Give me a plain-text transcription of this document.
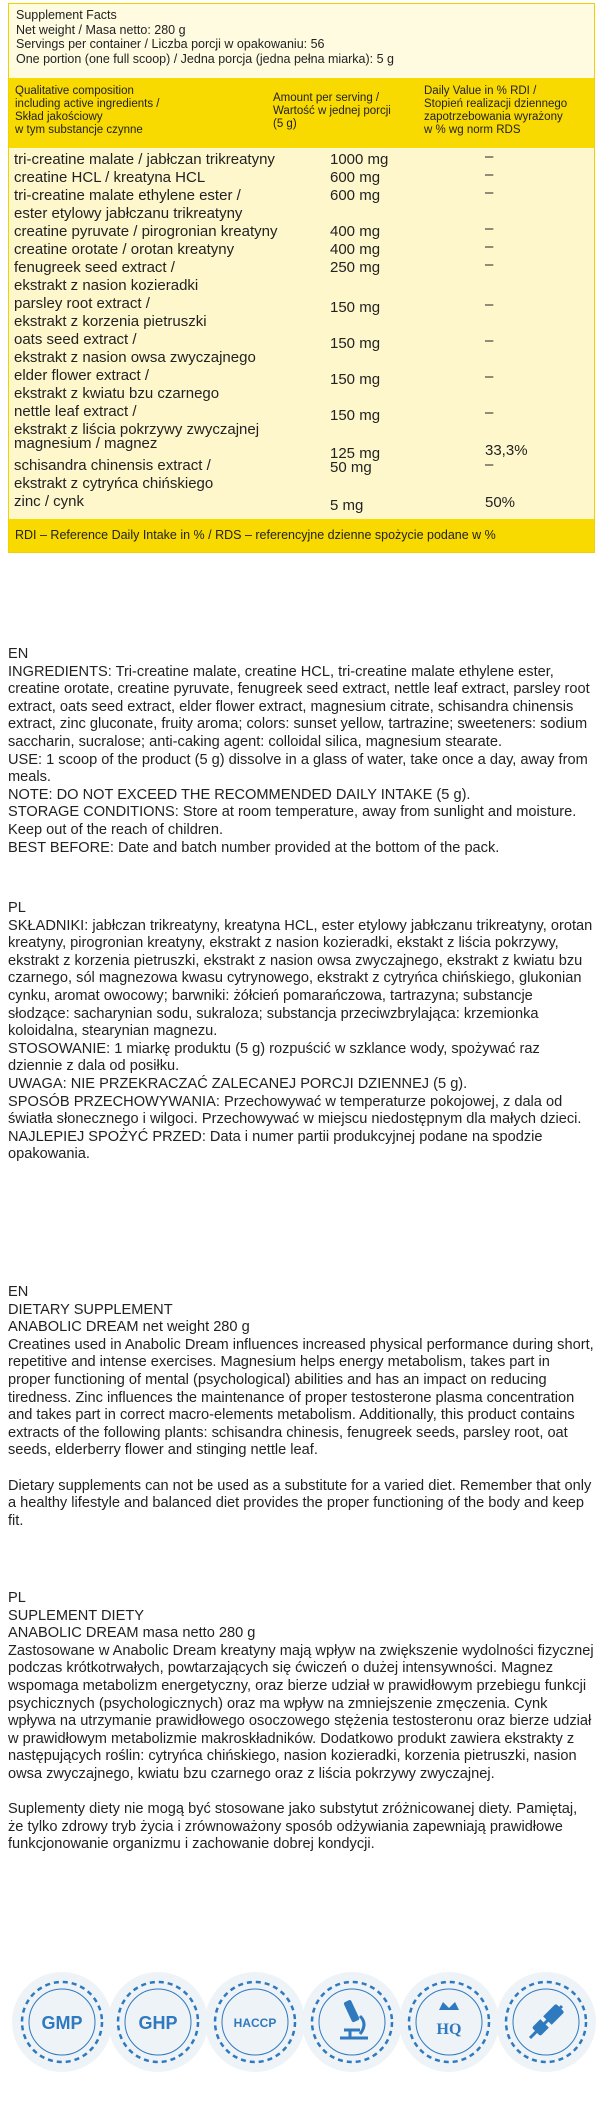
Supplement Facts
Net weight / Masa netto: 280 g
Servings per container / Liczba porcji w opakowaniu: 56
One portion (one full scoop) / Jedna porcja (jedna pełna miarka): 5 g
Qualitative composition
including active ingredients /
Skład jakościowy
w tym substancje czynne
Amount per serving /
Wartość w jednej porcji
(5 g)
Daily Value in % RDI /
Stopień realizacji dziennego
zapotrzebowania wyrażony
w % wg norm RDS
tri-creatine malate / jabłczan trikreatyny	1000 mg	–
creatine HCL / kreatyna HCL	600 mg	–
tri-creatine malate ethylene ester /
ester etylowy jabłczanu trikreatyny
600 mg	–
creatine pyruvate / pirogronian kreatyny	400 mg	–
creatine orotate / orotan kreatyny	400 mg	–
fenugreek seed extract /
ekstrakt z nasion kozieradki
250 mg	–
parsley root extract /
ekstrakt z korzenia pietruszki
150 mg	–
oats seed extract /
ekstrakt z nasion owsa zwyczajnego
150 mg	–
elder flower extract /
ekstrakt z kwiatu bzu czarnego
150 mg	–
nettle leaf extract /
ekstrakt z liścia pokrzywy zwyczajnej
150 mg	–
magnesium / magnez
125 mg	33,3%
schisandra chinensis extract /
ekstrakt z cytryńca chińskiego
50 mg	–
zinc / cynk	5 mg	50%
RDI – Reference Daily Intake in % / RDS – referencyjne dzienne spożycie podane w %

EN

INGREDIENTS: Tri-creatine malate, creatine HCL, tri-creatine malate ethylene ester, creatine orotate, creatine pyruvate, fenugreek seed extract, nettle leaf extract, parsley root extract, oats seed extract, elder flower extract, magnesium citrate, schisandra chinensis extract, zinc gluconate, fruity aroma; colors: sunset yellow, tartrazine; sweeteners: sodium saccharin, sucralose; anti-caking agent: colloidal silica, magnesium stearate.

USE: 1 scoop of the product (5 g) dissolve in a glass of water, take once a day, away from meals.

NOTE: DO NOT EXCEED THE RECOMMENDED DAILY INTAKE (5 g).

STORAGE CONDITIONS: Store at room temperature, away from sunlight and moisture. Keep out of the reach of children.

BEST BEFORE: Date and batch number provided at the bottom of the pack.

PL

SKŁADNIKI: jabłczan trikreatyny, kreatyna HCL, ester etylowy jabłczanu trikreatyny, orotan kreatyny, pirogronian kreatyny, ekstrakt z nasion kozieradki, ekstakt z liścia pokrzywy, ekstrakt z korzenia pietruszki, ekstrakt z nasion owsa zwyczajnego, ekstrakt z kwiatu bzu czarnego, sól magnezowa kwasu cytrynowego, ekstrakt z cytryńca chińskiego, glukonian cynku, aromat owocowy; barwniki: żółcień pomarańczowa, tartrazyna; substancje słodzące: sacharynian sodu, sukraloza; substancja przeciwzbrylająca: krzemionka koloidalna, stearynian magnezu.

STOSOWANIE: 1 miarkę produktu (5 g) rozpuścić w szklance wody, spożywać raz dziennie z dala od posiłku.

UWAGA: NIE PRZEKRACZAĆ ZALECANEJ PORCJI DZIENNEJ (5 g).

SPOSÓB PRZECHOWYWANIA: Przechowywać w temperaturze pokojowej, z dala od światła słonecznego i wilgoci. Przechowywać w miejscu niedostępnym dla małych dzieci.

NAJLEPIEJ SPOŻYĆ PRZED: Data i numer partii produkcyjnej podane na spodzie opakowania.

EN

DIETARY SUPPLEMENT

ANABOLIC DREAM net weight 280 g

Creatines used in Anabolic Dream influences increased physical performance during short, repetitive and intense exercises. Magnesium helps energy metabolism, takes part in proper functioning of mental (psychological) abilities and has an impact on reducing tiredness. Zinc influences the maintenance of proper testosterone plasma concentration and takes part in correct macro-elements metabolism. Additionally, this product contains extracts of the following plants: schisandra chinesis, fenugreek seeds, parsley root, oat seeds, elderberry flower and stinging nettle leaf.

Dietary supplements can not be used as a substitute for a varied diet. Remember that only a healthy lifestyle and balanced diet provides the proper functioning of the body and keep fit.

PL

SUPLEMENT DIETY

ANABOLIC DREAM masa netto 280 g

Zastosowane w Anabolic Dream kreatyny mają wpływ na zwiększenie wydolności fizycznej podczas krótkotrwałych, powtarzających się ćwiczeń o dużej intensywności. Magnez wspomaga metabolizm energetyczny, oraz bierze udział w prawidłowym przebiegu funkcji psychicznych (psychologicznych) oraz ma wpływ na zmniejszenie zmęczenia. Cynk wpływa na utrzymanie prawidłowego osoczowego stężenia testosteronu oraz bierze udział w prawidłowym metabolizmie makroskładników. Dodatkowo produkt zawiera ekstrakty z następujących roślin: cytryńca chińskiego, nasion kozieradki, korzenia pietruszki, nasion owsa zwyczajnego, kwiatu bzu czarnego oraz z liścia pokrzywy zwyczajnej.

Suplementy diety nie mogą być stosowane jako substytut zróżnicowanej diety. Pamiętaj, że tylko zdrowy tryb życia i zrównoważony sposób odżywiania zapewniają prawidłowe funkcjonowanie organizmu i zachowanie dobrej kondycji.

GMP	GHP	HACCP	HQ
